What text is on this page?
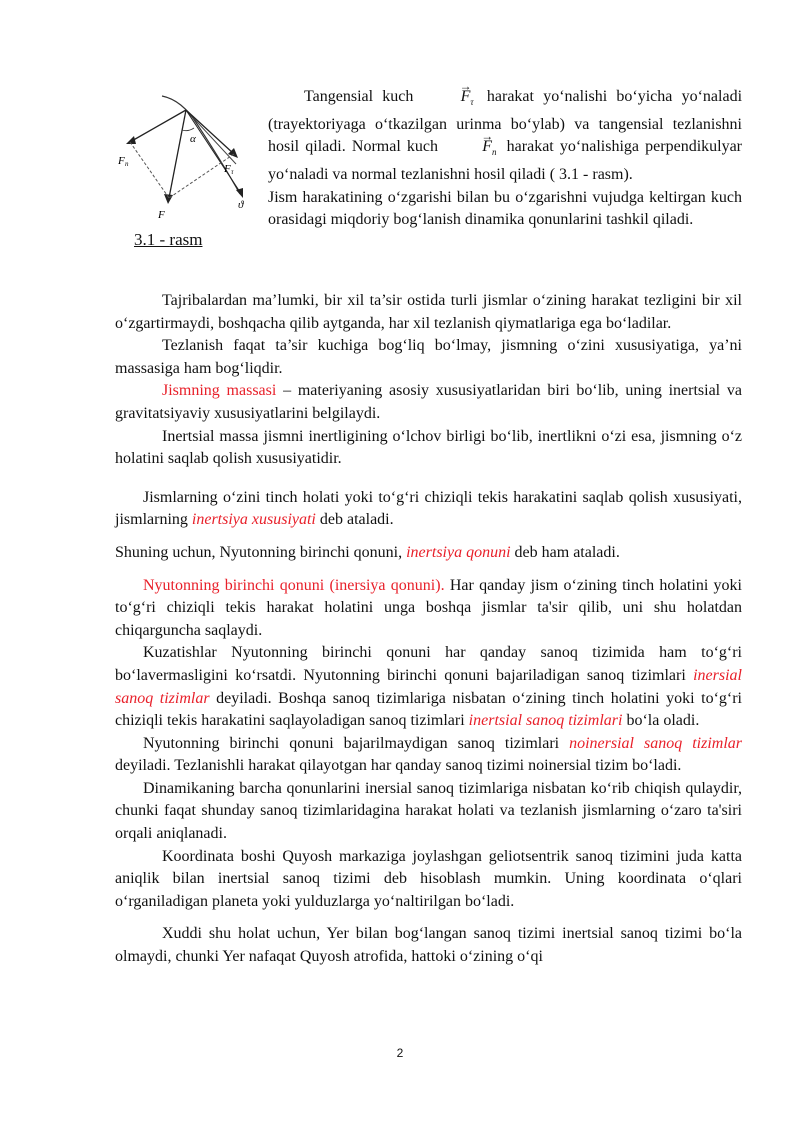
α
F n	F τ
F
ϑ
3.1 - rasm

Tangensial kuch
→
$F_\tau$ harakat yo‘nalishi bo‘yicha yo‘naladi (trayektoriyaga o‘tkazilgan urinma bo‘ylab) va tangensial tezlanishni hosil qiladi. Normal kuch
→
$F_n$ harakat yo‘nalishiga perpendikulyar yo‘naladi va normal tezlanishni hosil qiladi ( 3.1 - rasm).

Jism harakatining o‘zgarishi bilan bu o‘zgarishni vujudga keltirgan kuch orasidagi miqdoriy bog‘lanish dinamika qonunlarini tashkil qiladi.

Tajribalardan ma’lumki, bir xil ta’sir ostida turli jismlar o‘zining harakat tezligini bir xil o‘zgartirmaydi, boshqacha qilib aytganda, har xil tezlanish qiymatlariga ega bo‘ladilar.

Tezlanish faqat ta’sir kuchiga bog‘liq bo‘lmay, jismning o‘zini xususiyatiga, ya’ni massasiga ham bog‘liqdir.

Jismning massasi – materiyaning asosiy xususiyatlaridan biri bo‘lib, uning inertsial va gravitatsiyaviy xususiyatlarini belgilaydi.

Inertsial massa jismni inertligining o‘lchov birligi bo‘lib, inertlikni o‘zi esa, jismning o‘z holatini saqlab qolish xususiyatidir.

Jismlarning o‘zini tinch holati yoki to‘g‘ri chiziqli tekis harakatini saqlab qolish xususiyati, jismlarning inertsiya xususiyati deb ataladi.

Shuning uchun, Nyutonning birinchi qonuni, inertsiya qonuni deb ham ataladi.

Nyutonning birinchi qonuni (inersiya qonuni). Har qanday jism o‘zining tinch holatini yoki to‘g‘ri chiziqli tekis harakat holatini unga boshqa jismlar ta'sir qilib, uni shu holatdan chiqarguncha saqlaydi.

Kuzatishlar Nyutonning birinchi qonuni har qanday sanoq tizimida ham to‘g‘ri bo‘lavermasligini ko‘rsatdi. Nyutonning birinchi qonuni bajariladigan sanoq tizimlari inersial sanoq tizimlar deyiladi. Boshqa sanoq tizimlariga nisbatan o‘zining tinch holatini yoki to‘g‘ri chiziqli tekis harakatini saqlayoladigan sanoq tizimlari inertsial sanoq tizimlari bo‘la oladi.

Nyutonning birinchi qonuni bajarilmaydigan sanoq tizimlari noinersial sanoq tizimlar deyiladi. Tezlanishli harakat qilayotgan har qanday sanoq tizimi noinersial tizim bo‘ladi.

Dinamikaning barcha qonunlarini inersial sanoq tizimlariga nisbatan ko‘rib chiqish qulaydir, chunki faqat shunday sanoq tizimlaridagina harakat holati va tezlanish jismlarning o‘zaro ta'siri orqali aniqlanadi.

Koordinata boshi Quyosh markaziga joylashgan geliotsentrik sanoq tizimini juda katta aniqlik bilan inertsial sanoq tizimi deb hisoblash mumkin. Uning koordinata o‘qlari o‘rganiladigan planeta yoki yulduzlarga yo‘naltirilgan bo‘ladi.

Xuddi shu holat uchun, Yer bilan bog‘langan sanoq tizimi inertsial sanoq tizimi bo‘la olmaydi, chunki Yer nafaqat Quyosh atrofida, hattoki o‘zining o‘qi

2
